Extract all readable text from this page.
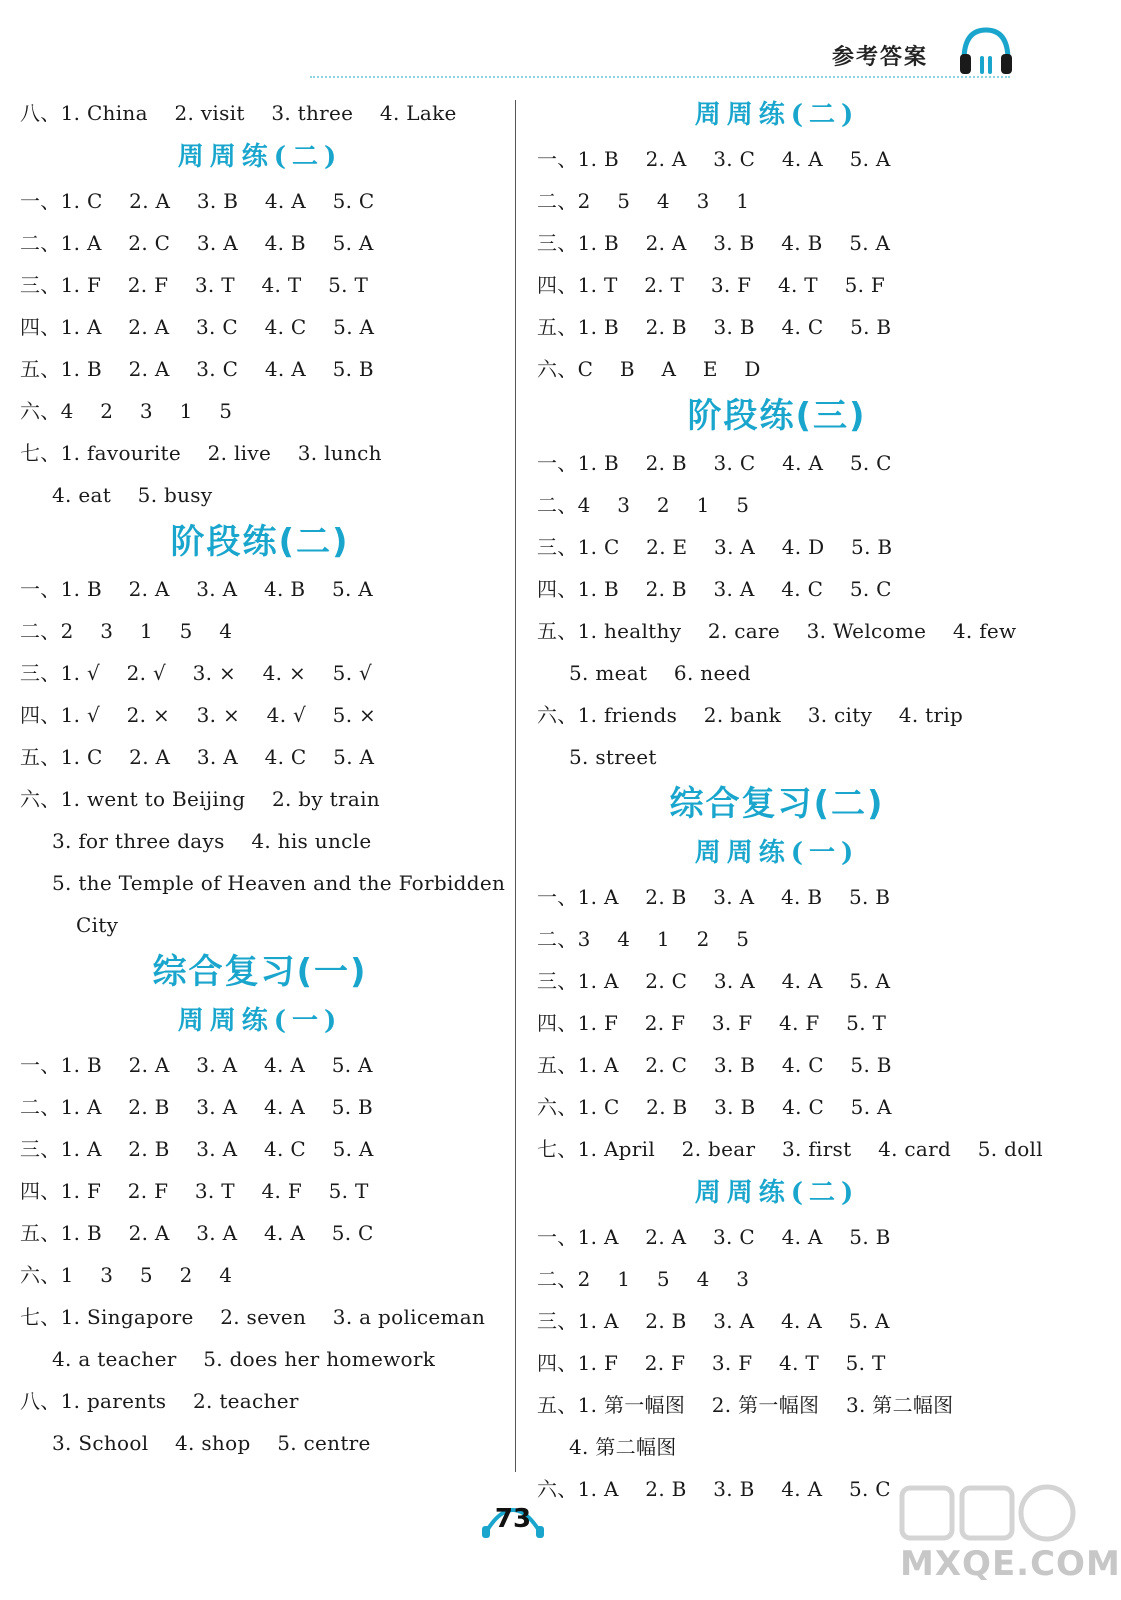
参考答案
八、1. China    2. visit    3. three    4. Lake
周周练(二)
一、1. C    2. A    3. B    4. A    5. C
二、1. A    2. C    3. A    4. B    5. A
三、1. F    2. F    3. T    4. T    5. T
四、1. A    2. A    3. C    4. C    5. A
五、1. B    2. A    3. C    4. A    5. B
六、4    2    3    1    5
七、1. favourite    2. live    3. lunch
4. eat    5. busy
阶段练(二)
一、1. B    2. A    3. A    4. B    5. A
二、2    3    1    5    4
三、1. √    2. √    3. ×    4. ×    5. √
四、1. √    2. ×    3. ×    4. √    5. ×
五、1. C    2. A    3. A    4. C    5. A
六、1. went to Beijing    2. by train
3. for three days    4. his uncle
5. the Temple of Heaven and the Forbidden
City
综合复习(一)
周周练(一)
一、1. B    2. A    3. A    4. A    5. A
二、1. A    2. B    3. A    4. A    5. B
三、1. A    2. B    3. A    4. C    5. A
四、1. F    2. F    3. T    4. F    5. T
五、1. B    2. A    3. A    4. A    5. C
六、1    3    5    2    4
七、1. Singapore    2. seven    3. a policeman
4. a teacher    5. does her homework
八、1. parents    2. teacher
3. School    4. shop    5. centre
周周练(二)
一、1. B    2. A    3. C    4. A    5. A
二、2    5    4    3    1
三、1. B    2. A    3. B    4. B    5. A
四、1. T    2. T    3. F    4. T    5. F
五、1. B    2. B    3. B    4. C    5. B
六、C    B    A    E    D
阶段练(三)
一、1. B    2. B    3. C    4. A    5. C
二、4    3    2    1    5
三、1. C    2. E    3. A    4. D    5. B
四、1. B    2. B    3. A    4. C    5. C
五、1. healthy    2. care    3. Welcome    4. few
5. meat    6. need
六、1. friends    2. bank    3. city    4. trip
5. street
综合复习(二)
周周练(一)
一、1. A    2. B    3. A    4. B    5. B
二、3    4    1    2    5
三、1. A    2. C    3. A    4. A    5. A
四、1. F    2. F    3. F    4. F    5. T
五、1. A    2. C    3. B    4. C    5. B
六、1. C    2. B    3. B    4. C    5. A
七、1. April    2. bear    3. first    4. card    5. doll
周周练(二)
一、1. A    2. A    3. C    4. A    5. B
二、2    1    5    4    3
三、1. A    2. B    3. A    4. A    5. A
四、1. F    2. F    3. F    4. T    5. T
五、1. 第一幅图    2. 第一幅图    3. 第二幅图
4. 第二幅图
六、1. A    2. B    3. B    4. A    5. C
73
MXQE.COM
